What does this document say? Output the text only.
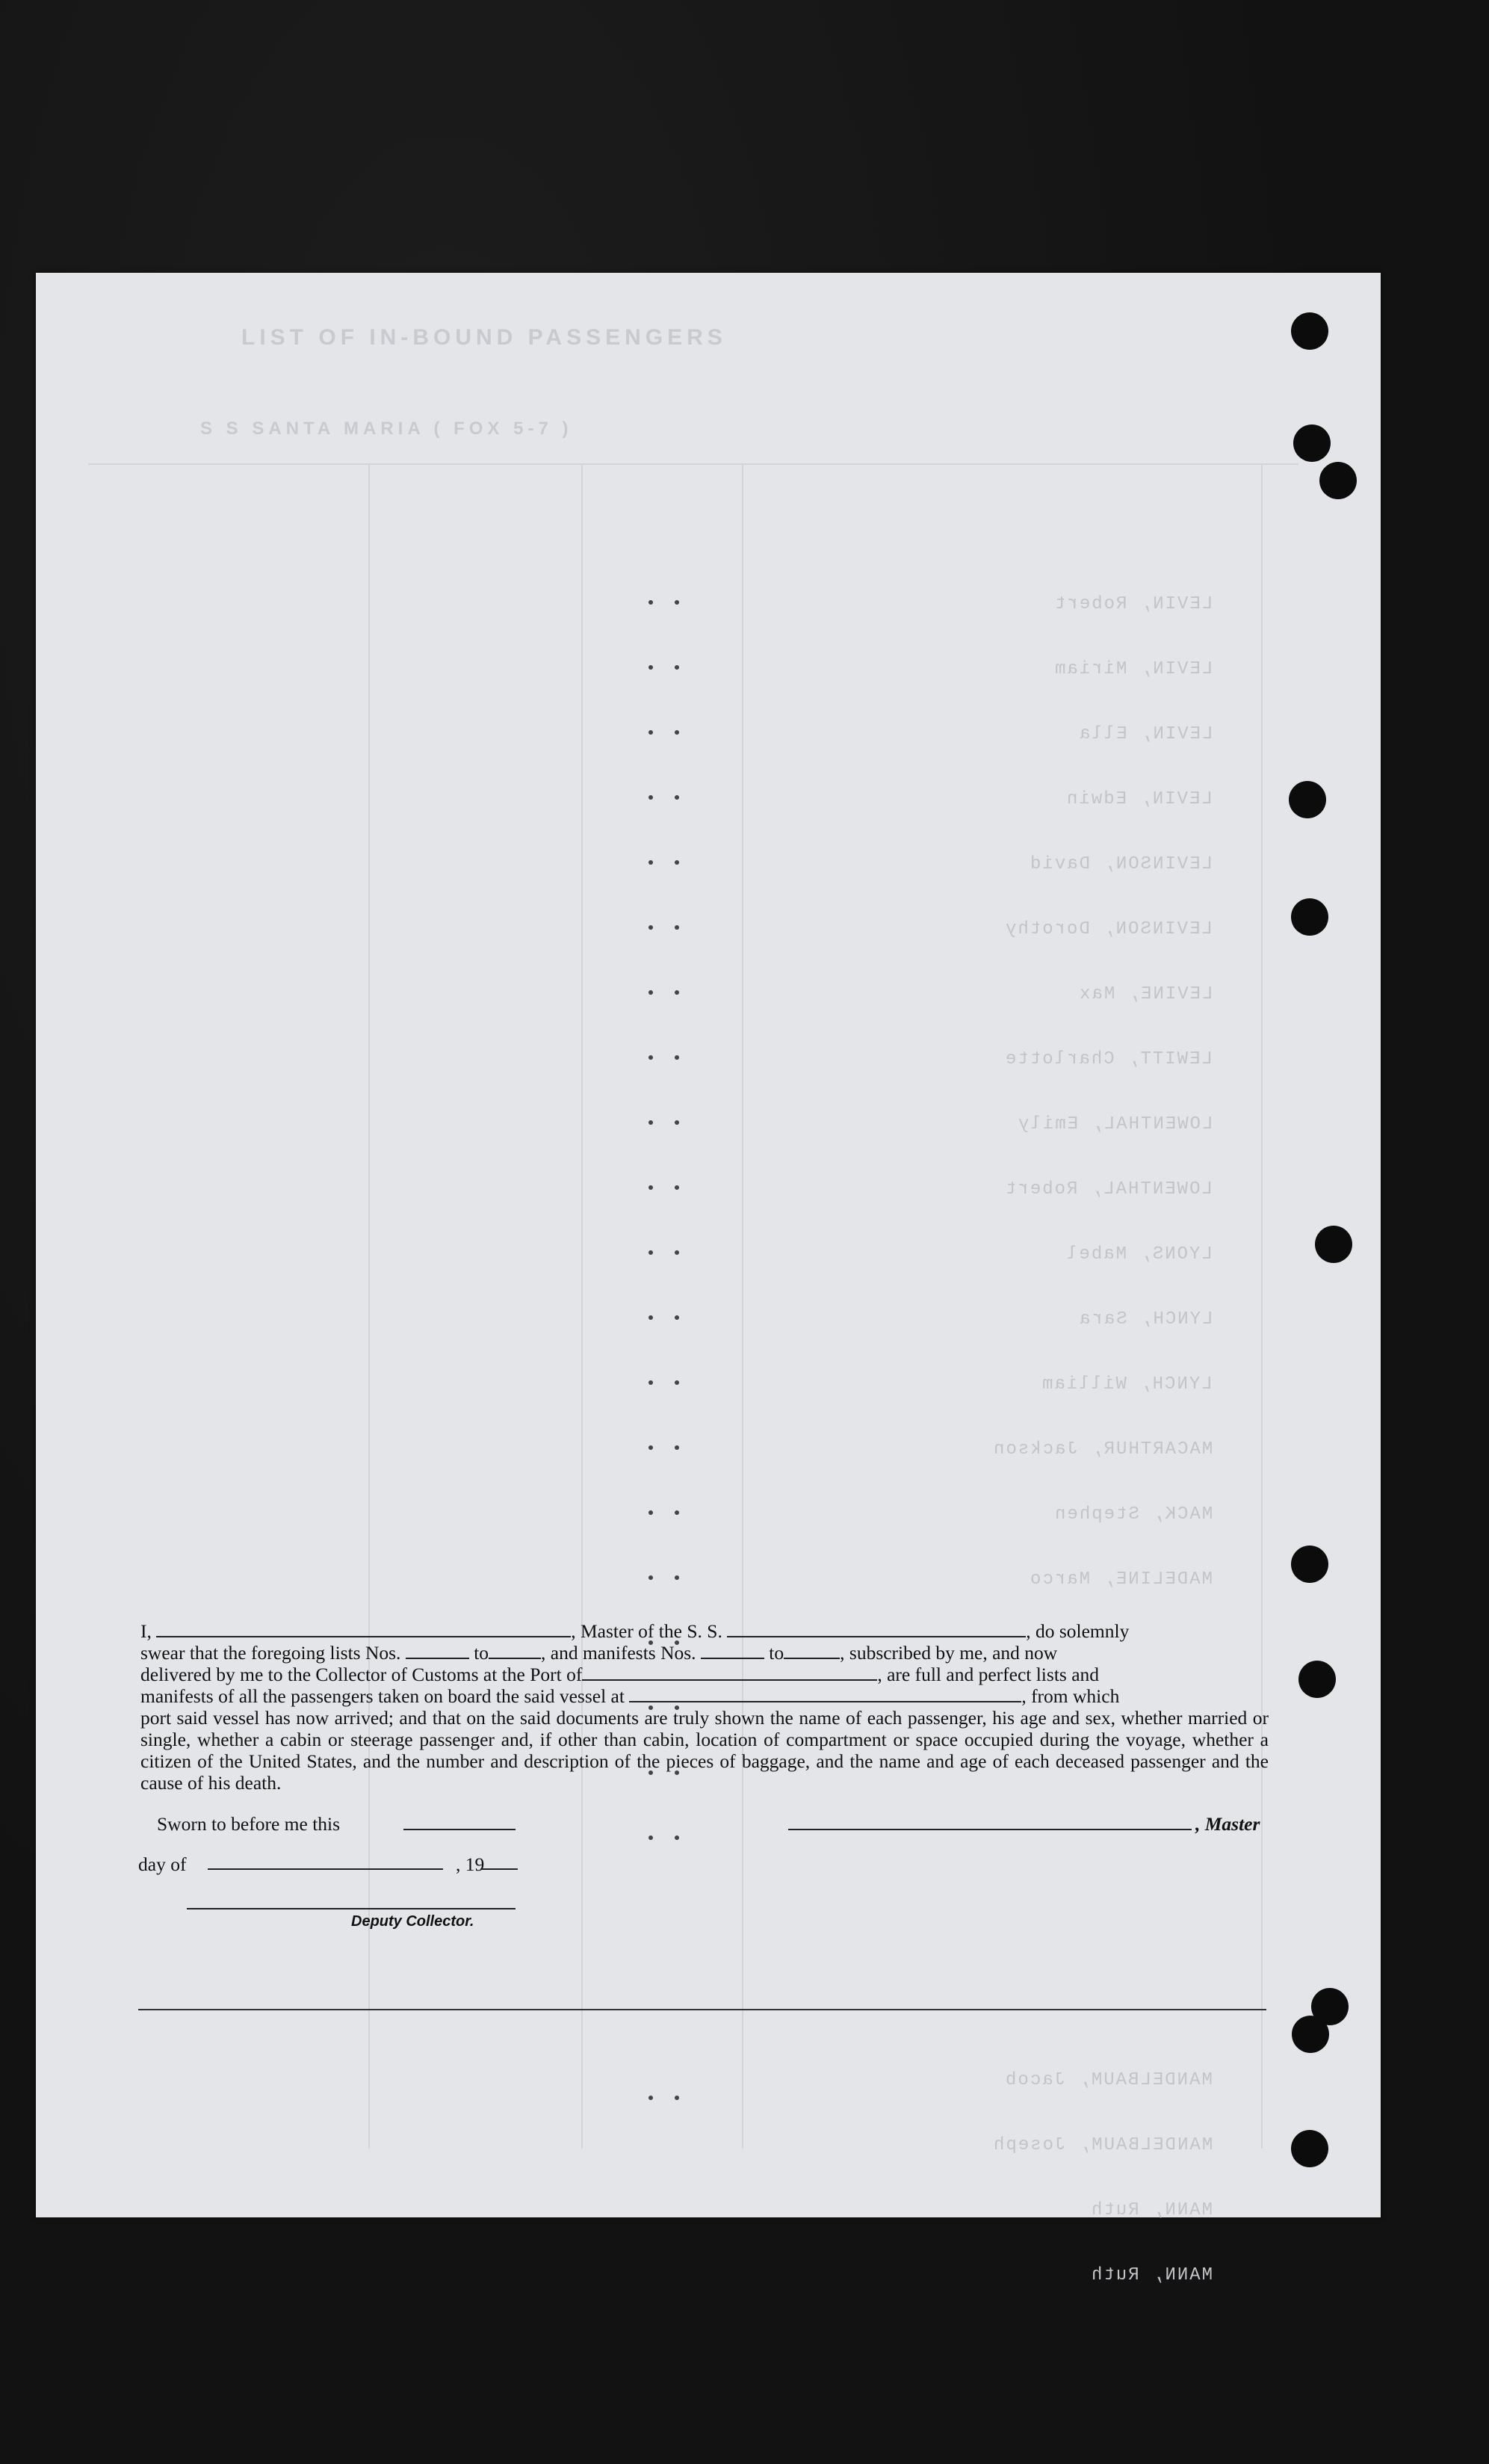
LIST OF IN-BOUND PASSENGERS
S S SANTA MARIA ( FOX 5-7 )
LEVIN, Robert
LEVIN, Miriam
LEVIN, Ella
LEVIN, Edwin
LEVINSON, David
LEVINSON, Dorothy
LEVINE, Max
LEWITT, Charlotte
LOWENTHAL, Emily
LOWENTHAL, Robert
LYONS, Mabel
LYNCH, Sara
LYNCH, William
MACARTHUR, Jackson
MACK, Stephen
MADELINE, Marco
MANDELBAUM, Jacob
MANDELBAUM, Joseph
MANN, Ruth
MANN, Ruth

I,	, Master of the S. S.	, do solemnly

swear that the foregoing lists Nos.	to	, and manifests Nos.	to	, subscribed by me, and now

delivered by me to the Collector of Customs at the Port of	, are full and perfect lists and

manifests of all the passengers taken on board the said vessel at	, from which

port said vessel has now arrived; and that on the said documents are truly shown the name of each passenger, his age and sex, whether married or single, whether a cabin or steerage passenger and, if other than cabin, location of compartment or space occupied during the voyage, whether a citizen of the United States, and the number and description of the pieces of baggage, and the name and age of each deceased passenger and the cause of his death.

Sworn to before me this	, Master
day of	, 19
Deputy Collector.
